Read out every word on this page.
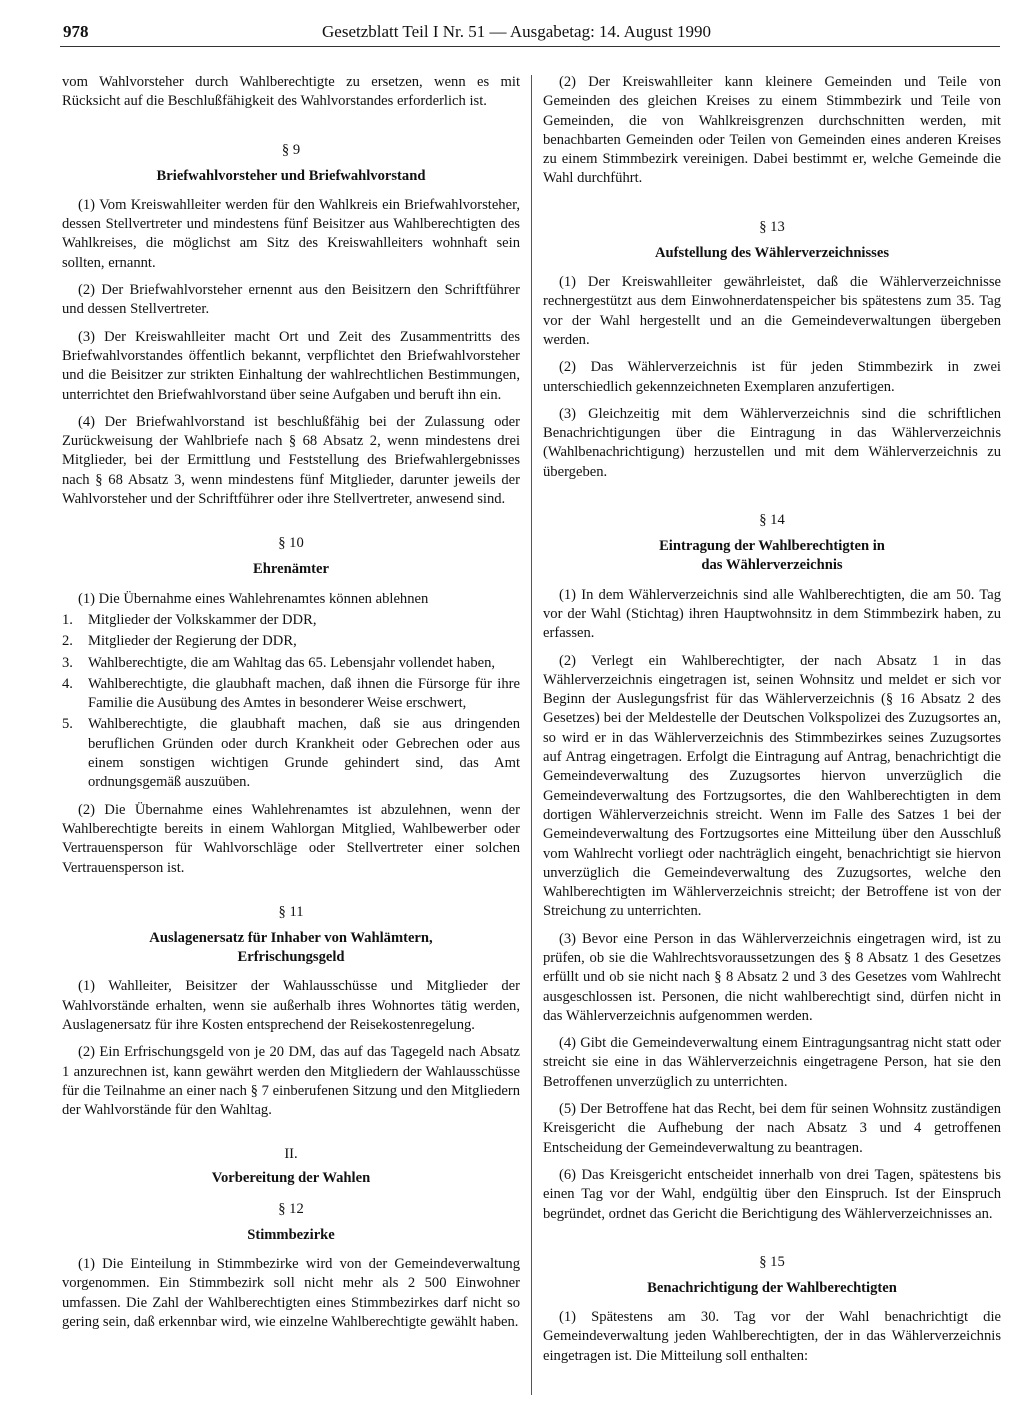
978	Gesetzblatt Teil I Nr. 51 — Ausgabetag: 14. August 1990

vom Wahlvorsteher durch Wahlberechtigte zu ersetzen, wenn es mit Rücksicht auf die Beschlußfähigkeit des Wahlvorstandes erforderlich ist.

§ 9
Briefwahlvorsteher und Briefwahlvorstand

(1) Vom Kreiswahlleiter werden für den Wahlkreis ein Briefwahlvorsteher, dessen Stellvertreter und mindestens fünf Beisitzer aus Wahlberechtigten des Wahlkreises, die möglichst am Sitz des Kreiswahlleiters wohnhaft sein sollten, ernannt.

(2) Der Briefwahlvorsteher ernennt aus den Beisitzern den Schriftführer und dessen Stellvertreter.

(3) Der Kreiswahlleiter macht Ort und Zeit des Zusammentritts des Briefwahlvorstandes öffentlich bekannt, verpflichtet den Briefwahlvorsteher und die Beisitzer zur strikten Einhaltung der wahlrechtlichen Bestimmungen, unterrichtet den Briefwahlvorstand über seine Aufgaben und beruft ihn ein.

(4) Der Briefwahlvorstand ist beschlußfähig bei der Zulassung oder Zurückweisung der Wahlbriefe nach § 68 Absatz 2, wenn mindestens drei Mitglieder, bei der Ermittlung und Feststellung des Briefwahlergebnisses nach § 68 Absatz 3, wenn mindestens fünf Mitglieder, darunter jeweils der Wahlvorsteher und der Schriftführer oder ihre Stellvertreter, anwesend sind.

§ 10
Ehrenämter

(1) Die Übernahme eines Wahlehrenamtes können ablehnen

1. Mitglieder der Volkskammer der DDR,
2. Mitglieder der Regierung der DDR,
3. Wahlberechtigte, die am Wahltag das 65. Lebensjahr vollendet haben,
4. Wahlberechtigte, die glaubhaft machen, daß ihnen die Fürsorge für ihre Familie die Ausübung des Amtes in besonderer Weise erschwert,
5. Wahlberechtigte, die glaubhaft machen, daß sie aus dringenden beruflichen Gründen oder durch Krankheit oder Gebrechen oder aus einem sonstigen wichtigen Grunde gehindert sind, das Amt ordnungsgemäß auszuüben.

(2) Die Übernahme eines Wahlehrenamtes ist abzulehnen, wenn der Wahlberechtigte bereits in einem Wahlorgan Mitglied, Wahlbewerber oder Vertrauensperson für Wahlvorschläge oder Stellvertreter einer solchen Vertrauensperson ist.

§ 11
Auslagenersatz für Inhaber von Wahlämtern,
Erfrischungsgeld

(1) Wahlleiter, Beisitzer der Wahlausschüsse und Mitglieder der Wahlvorstände erhalten, wenn sie außerhalb ihres Wohnortes tätig werden, Auslagenersatz für ihre Kosten entsprechend der Reisekostenregelung.

(2) Ein Erfrischungsgeld von je 20 DM, das auf das Tagegeld nach Absatz 1 anzurechnen ist, kann gewährt werden den Mitgliedern der Wahlausschüsse für die Teilnahme an einer nach § 7 einberufenen Sitzung und den Mitgliedern der Wahlvorstände für den Wahltag.

II.
Vorbereitung der Wahlen
§ 12
Stimmbezirke

(1) Die Einteilung in Stimmbezirke wird von der Gemeindeverwaltung vorgenommen. Ein Stimmbezirk soll nicht mehr als 2 500 Einwohner umfassen. Die Zahl der Wahlberechtigten eines Stimmbezirkes darf nicht so gering sein, daß erkennbar wird, wie einzelne Wahlberechtigte gewählt haben.

(2) Der Kreiswahlleiter kann kleinere Gemeinden und Teile von Gemeinden des gleichen Kreises zu einem Stimmbezirk und Teile von Gemeinden, die von Wahlkreisgrenzen durchschnitten werden, mit benachbarten Gemeinden oder Teilen von Gemeinden eines anderen Kreises zu einem Stimmbezirk vereinigen. Dabei bestimmt er, welche Gemeinde die Wahl durchführt.

§ 13
Aufstellung des Wählerverzeichnisses

(1) Der Kreiswahlleiter gewährleistet, daß die Wählerverzeichnisse rechnergestützt aus dem Einwohnerdatenspeicher bis spätestens zum 35. Tag vor der Wahl hergestellt und an die Gemeindeverwaltungen übergeben werden.

(2) Das Wählerverzeichnis ist für jeden Stimmbezirk in zwei unterschiedlich gekennzeichneten Exemplaren anzufertigen.

(3) Gleichzeitig mit dem Wählerverzeichnis sind die schriftlichen Benachrichtigungen über die Eintragung in das Wählerverzeichnis (Wahlbenachrichtigung) herzustellen und mit dem Wählerverzeichnis zu übergeben.

§ 14
Eintragung der Wahlberechtigten in
das Wählerverzeichnis

(1) In dem Wählerverzeichnis sind alle Wahlberechtigten, die am 50. Tag vor der Wahl (Stichtag) ihren Hauptwohnsitz in dem Stimmbezirk haben, zu erfassen.

(2) Verlegt ein Wahlberechtigter, der nach Absatz 1 in das Wählerverzeichnis eingetragen ist, seinen Wohnsitz und meldet er sich vor Beginn der Auslegungsfrist für das Wählerverzeichnis (§ 16 Absatz 2 des Gesetzes) bei der Meldestelle der Deutschen Volkspolizei des Zuzugsortes an, so wird er in das Wählerverzeichnis des Stimmbezirkes seines Zuzugsortes auf Antrag eingetragen. Erfolgt die Eintragung auf Antrag, benachrichtigt die Gemeindeverwaltung des Zuzugsortes hiervon unverzüglich die Gemeindeverwaltung des Fortzugsortes, die den Wahlberechtigten in dem dortigen Wählerverzeichnis streicht. Wenn im Falle des Satzes 1 bei der Gemeindeverwaltung des Fortzugsortes eine Mitteilung über den Ausschluß vom Wahlrecht vorliegt oder nachträglich eingeht, benachrichtigt sie hiervon unverzüglich die Gemeindeverwaltung des Zuzugsortes, welche den Wahlberechtigten im Wählerverzeichnis streicht; der Betroffene ist von der Streichung zu unterrichten.

(3) Bevor eine Person in das Wählerverzeichnis eingetragen wird, ist zu prüfen, ob sie die Wahlrechtsvoraussetzungen des § 8 Absatz 1 des Gesetzes erfüllt und ob sie nicht nach § 8 Absatz 2 und 3 des Gesetzes vom Wahlrecht ausgeschlossen ist. Personen, die nicht wahlberechtigt sind, dürfen nicht in das Wählerverzeichnis aufgenommen werden.

(4) Gibt die Gemeindeverwaltung einem Eintragungsantrag nicht statt oder streicht sie eine in das Wählerverzeichnis eingetragene Person, hat sie den Betroffenen unverzüglich zu unterrichten.

(5) Der Betroffene hat das Recht, bei dem für seinen Wohnsitz zuständigen Kreisgericht die Aufhebung der nach Absatz 3 und 4 getroffenen Entscheidung der Gemeindeverwaltung zu beantragen.

(6) Das Kreisgericht entscheidet innerhalb von drei Tagen, spätestens bis einen Tag vor der Wahl, endgültig über den Einspruch. Ist der Einspruch begründet, ordnet das Gericht die Berichtigung des Wählerverzeichnisses an.

§ 15
Benachrichtigung der Wahlberechtigten

(1) Spätestens am 30. Tag vor der Wahl benachrichtigt die Gemeindeverwaltung jeden Wahlberechtigten, der in das Wählerverzeichnis eingetragen ist. Die Mitteilung soll enthalten:
